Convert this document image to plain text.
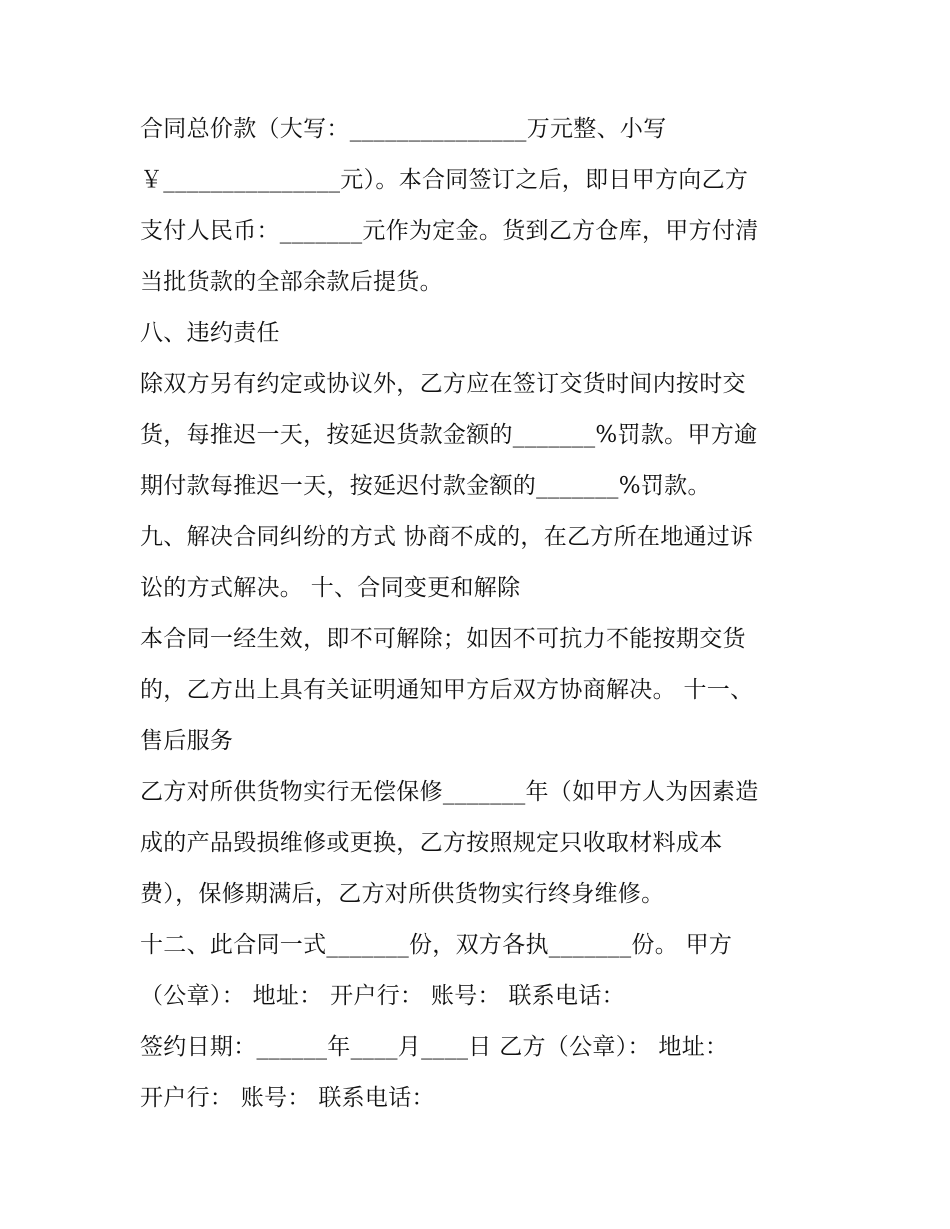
合同总价款（大写：_______________万元整、小写
￥_______________元）。本合同签订之后，即日甲方向乙方
支付人民币：_______元作为定金。货到乙方仓库，甲方付清
当批货款的全部余款后提货。
八、违约责任
除双方另有约定或协议外，乙方应在签订交货时间内按时交
货，每推迟一天，按延迟货款金额的_______%罚款。甲方逾
期付款每推迟一天，按延迟付款金额的_______%罚款。
九、解决合同纠纷的方式 协商不成的，在乙方所在地通过诉
讼的方式解决。 十、合同变更和解除
本合同一经生效，即不可解除；如因不可抗力不能按期交货
的，乙方出上具有关证明通知甲方后双方协商解决。 十一、
售后服务
乙方对所供货物实行无偿保修_______年（如甲方人为因素造
成的产品毁损维修或更换，乙方按照规定只收取材料成本
费），保修期满后，乙方对所供货物实行终身维修。
十二、此合同一式_______份，双方各执_______份。 甲方
（公章）： 地址： 开户行： 账号： 联系电话：
签约日期：______年____月____日 乙方（公章）： 地址：
开户行： 账号： 联系电话：
